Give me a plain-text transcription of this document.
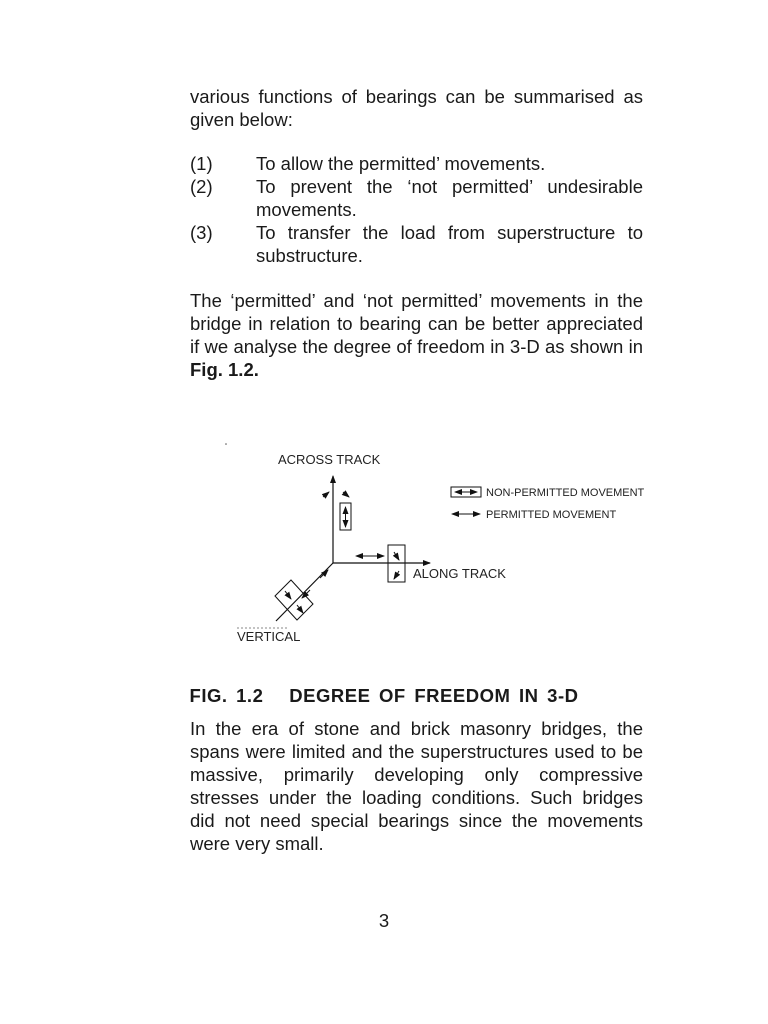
various functions of bearings can be summarised as given below:

(1) To allow the permitted’ movements.
(2) To prevent the ‘not permitted’ undesirable movements.
(3) To transfer the load from superstructure to substructure.

The ‘permitted’ and ‘not permitted’ movements in the bridge in relation to bearing can be better appreciated if we analyse the degree of freedom in 3-D as shown in Fig. 1.2.

ACROSS TRACK
ALONG TRACK
VERTICAL
NON-PERMITTED MOVEMENT
PERMITTED MOVEMENT
FIG. 1.2   DEGREE OF FREEDOM IN 3-D

In the era of stone and brick masonry bridges, the spans were limited and the superstructures used to be massive, primarily developing only compressive stresses under the loading conditions. Such bridges did not need special bearings since the movements were very small.

3
